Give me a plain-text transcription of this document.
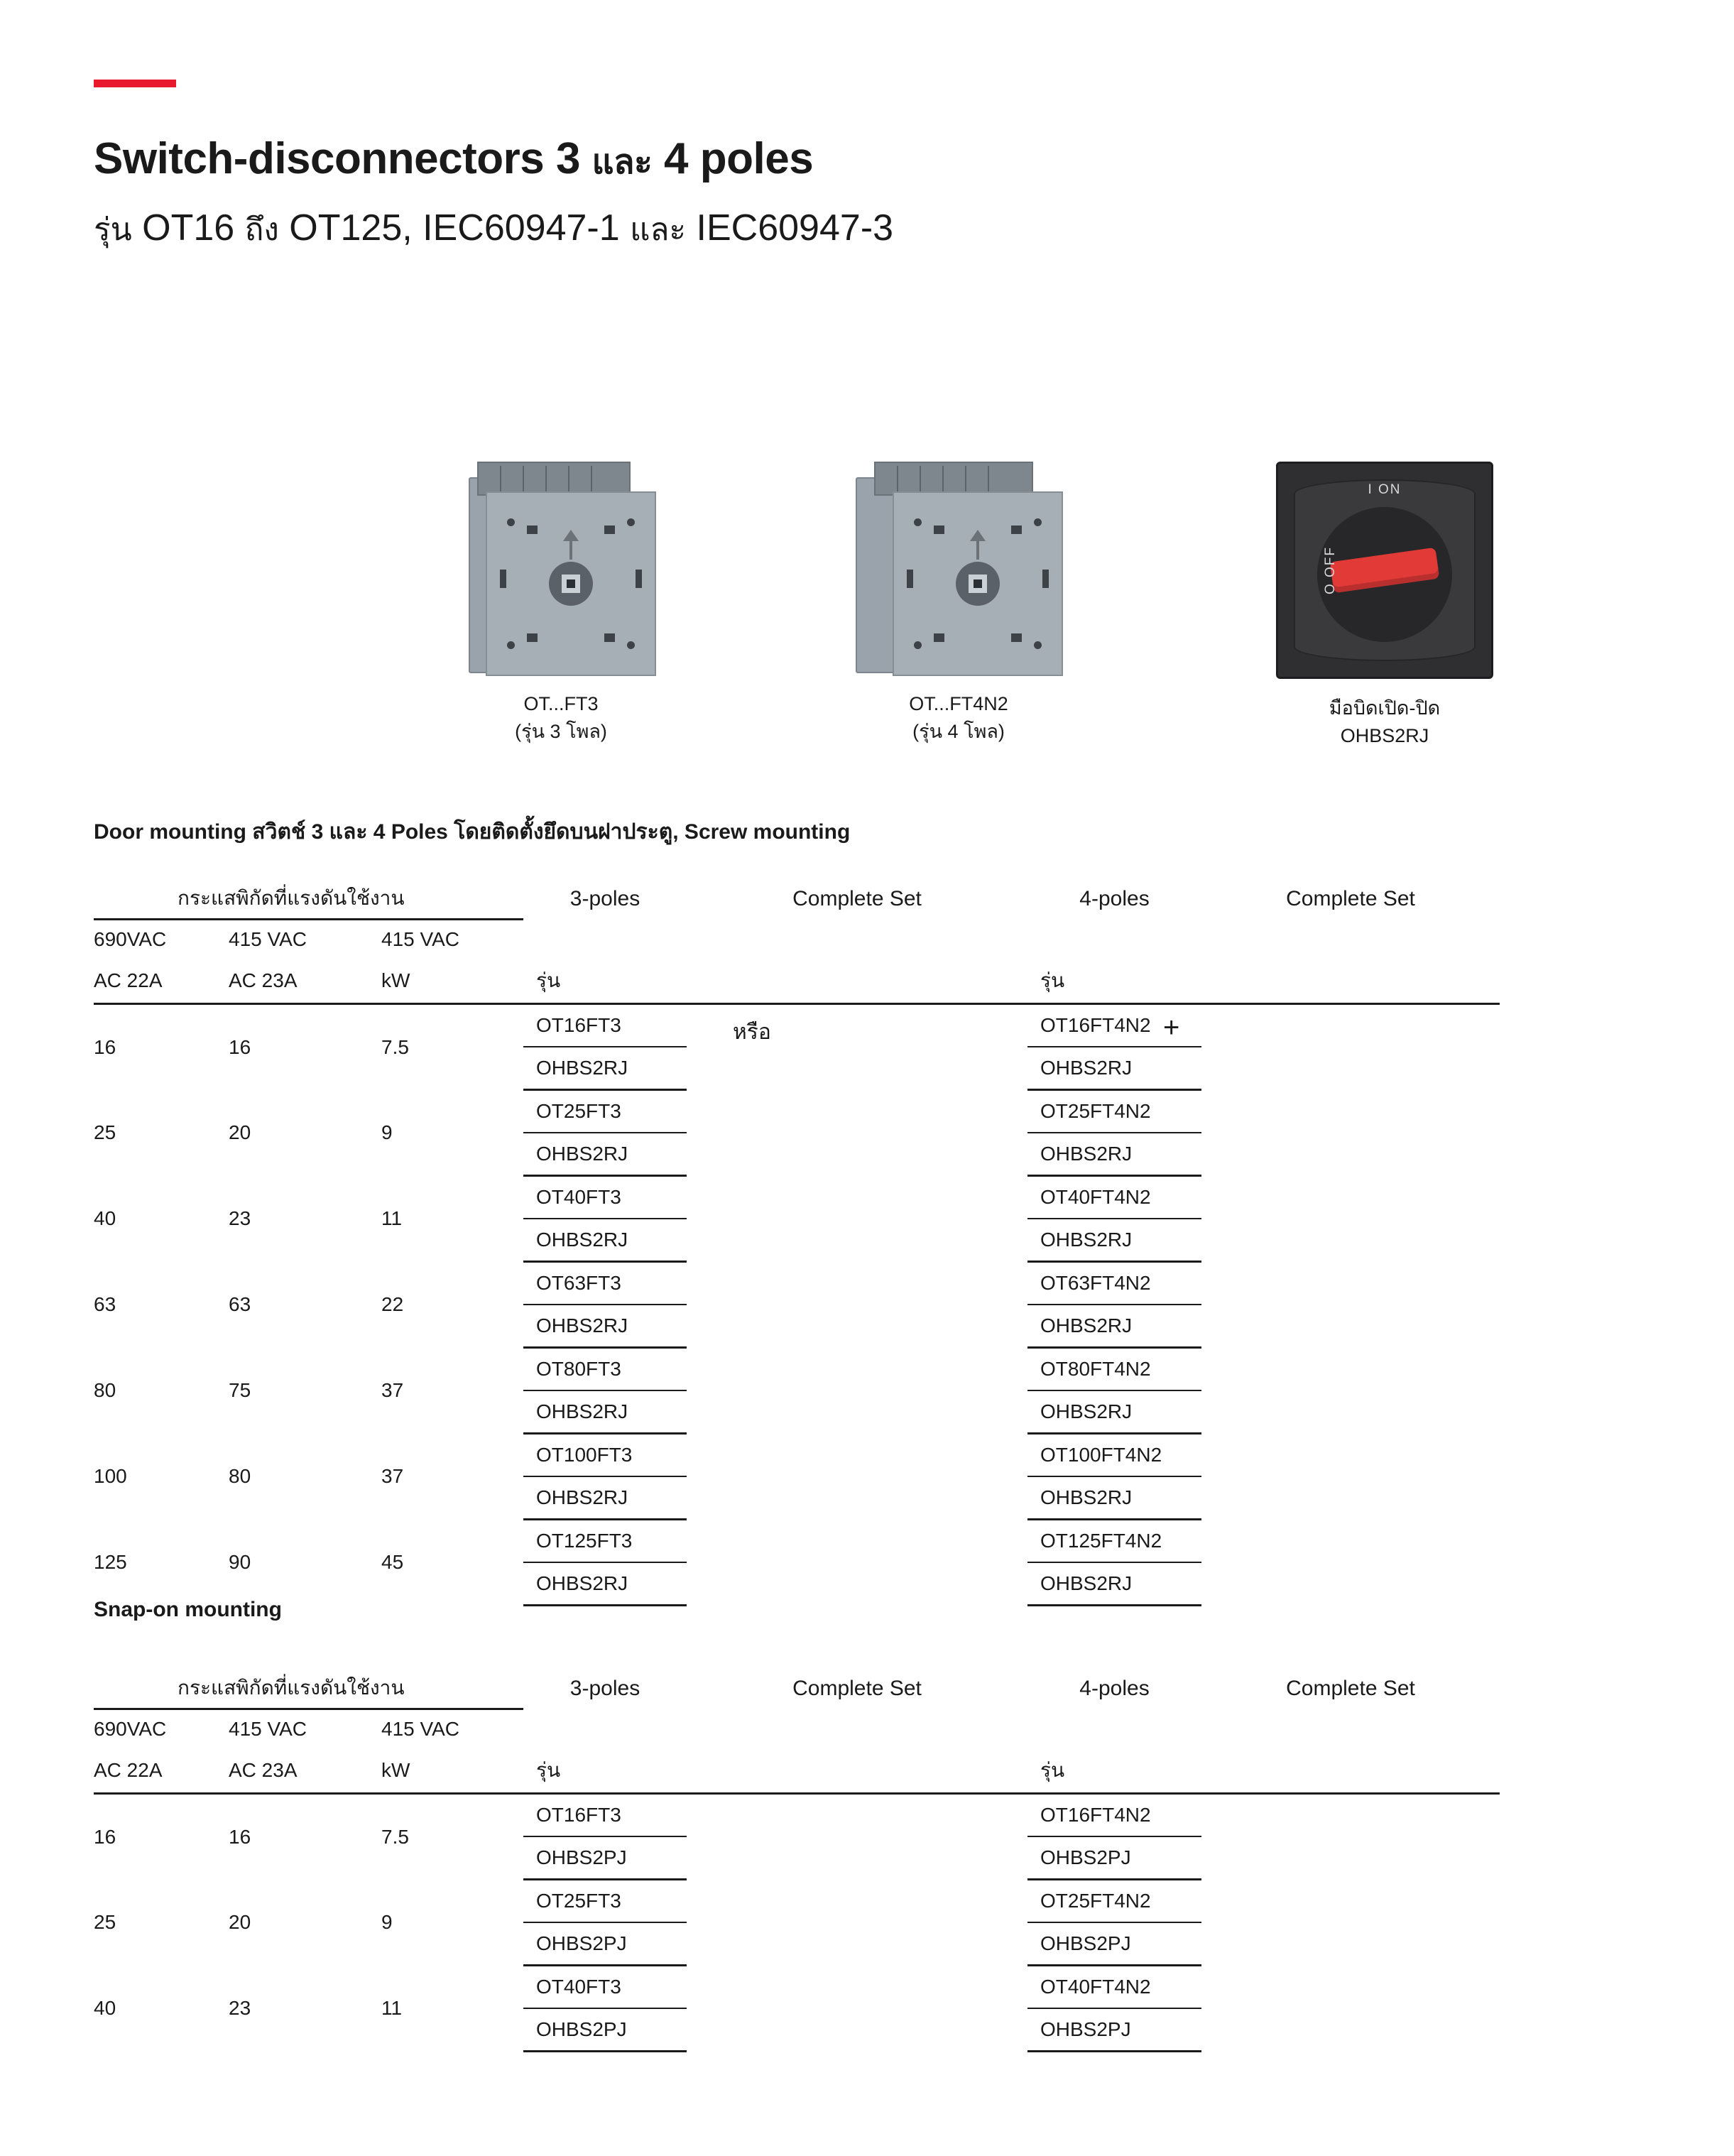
Switch-disconnectors 3 และ 4 poles
รุ่น OT16 ถึง OT125, IEC60947-1 และ IEC60947-3
OT...FT3
(รุ่น 3 โพล)
หรือ
OT...FT4N2
(รุ่น 4 โพล)
+
I ON
O OFF
มือบิดเปิด-ปิด
OHBS2RJ
Door mounting สวิตช์ 3 และ 4 Poles โดยติดตั้งยึดบนฝาประตู, Screw mounting
กระแสพิกัดที่แรงดันใช้งาน			3-poles	Complete Set	4-poles	Complete Set
690VAC	415 VAC	415 VAC				
AC 22A	AC 23A	kW	รุ่น		รุ่น	
16	16	7.5	OT16FT3		OT16FT4N2	
			OHBS2RJ		OHBS2RJ	
25	20	9	OT25FT3		OT25FT4N2	
			OHBS2RJ		OHBS2RJ	
40	23	11	OT40FT3		OT40FT4N2	
			OHBS2RJ		OHBS2RJ	
63	63	22	OT63FT3		OT63FT4N2	
			OHBS2RJ		OHBS2RJ	
80	75	37	OT80FT3		OT80FT4N2	
			OHBS2RJ		OHBS2RJ	
100	80	37	OT100FT3		OT100FT4N2	
			OHBS2RJ		OHBS2RJ	
125	90	45	OT125FT3		OT125FT4N2	
			OHBS2RJ		OHBS2RJ	
Snap-on mounting
กระแสพิกัดที่แรงดันใช้งาน			3-poles	Complete Set	4-poles	Complete Set
690VAC	415 VAC	415 VAC				
AC 22A	AC 23A	kW	รุ่น		รุ่น	
16	16	7.5	OT16FT3		OT16FT4N2	
			OHBS2PJ		OHBS2PJ	
25	20	9	OT25FT3		OT25FT4N2	
			OHBS2PJ		OHBS2PJ	
40	23	11	OT40FT3		OT40FT4N2	
			OHBS2PJ		OHBS2PJ	
